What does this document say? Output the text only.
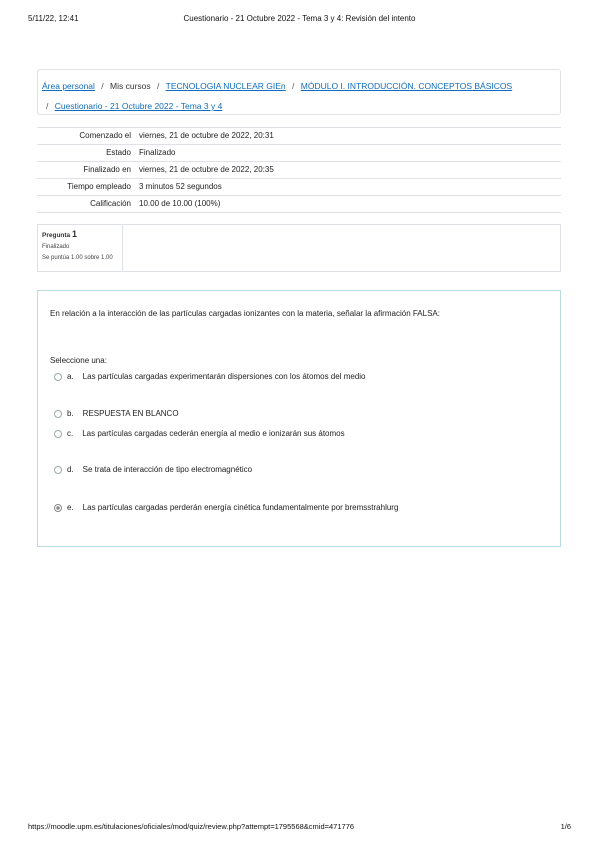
5/11/22, 12:41	Cuestionario - 21 Octubre 2022 - Tema 3 y 4: Revisión del intento
Área personal / Mis cursos / TECNOLOGIA NUCLEAR GIEn / MÓDULO I. INTRODUCCIÓN. CONCEPTOS BÁSICOS
/ Cuestionario - 21 Octubre 2022 - Tema 3 y 4
Comenzado el	viernes, 21 de octubre de 2022, 20:31
Estado	Finalizado
Finalizado en	viernes, 21 de octubre de 2022, 20:35
Tiempo empleado	3 minutos 52 segundos
Calificación	10.00 de 10.00 (100%)
Pregunta 1
Finalizado
Se puntúa 1.00 sobre 1.00
En relación a la interacción de las partículas cargadas ionizantes con la materia, señalar la afirmación FALSA:
Seleccione una:
a. Las partículas cargadas experimentarán dispersiones con los átomos del medio
b. RESPUESTA EN BLANCO
c. Las partículas cargadas cederán energía al medio e ionizarán sus átomos
d. Se trata de interacción de tipo electromagnético
e. Las partículas cargadas perderán energía cinética fundamentalmente por bremsstrahlurg
https://moodle.upm.es/titulaciones/oficiales/mod/quiz/review.php?attempt=1795568&cmid=471776	1/6
